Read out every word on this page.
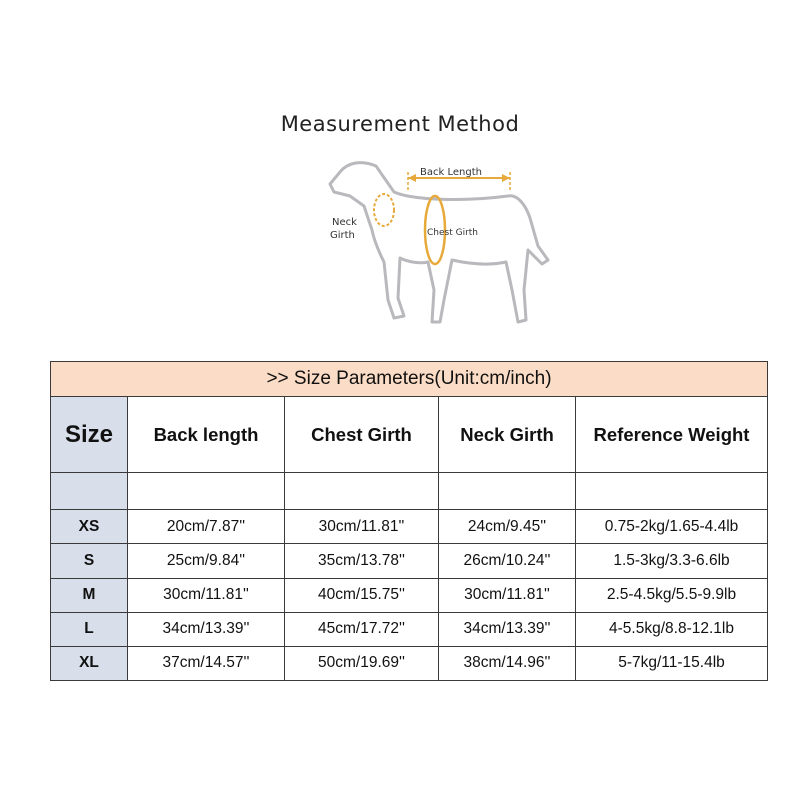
Measurement Method
Back Length
Neck
Girth	Chest Girth
>> Size Parameters(Unit:cm/inch)				
Size	Back length	Chest Girth	Neck Girth	Reference Weight

XS	20cm/7.87''	30cm/11.81''	24cm/9.45''	0.75-2kg/1.65-4.4lb
S	25cm/9.84''	35cm/13.78''	26cm/10.24''	1.5-3kg/3.3-6.6lb
M	30cm/11.81''	40cm/15.75''	30cm/11.81''	2.5-4.5kg/5.5-9.9lb
L	34cm/13.39''	45cm/17.72''	34cm/13.39''	4-5.5kg/8.8-12.1lb
XL	37cm/14.57''	50cm/19.69''	38cm/14.96''	5-7kg/11-15.4lb
